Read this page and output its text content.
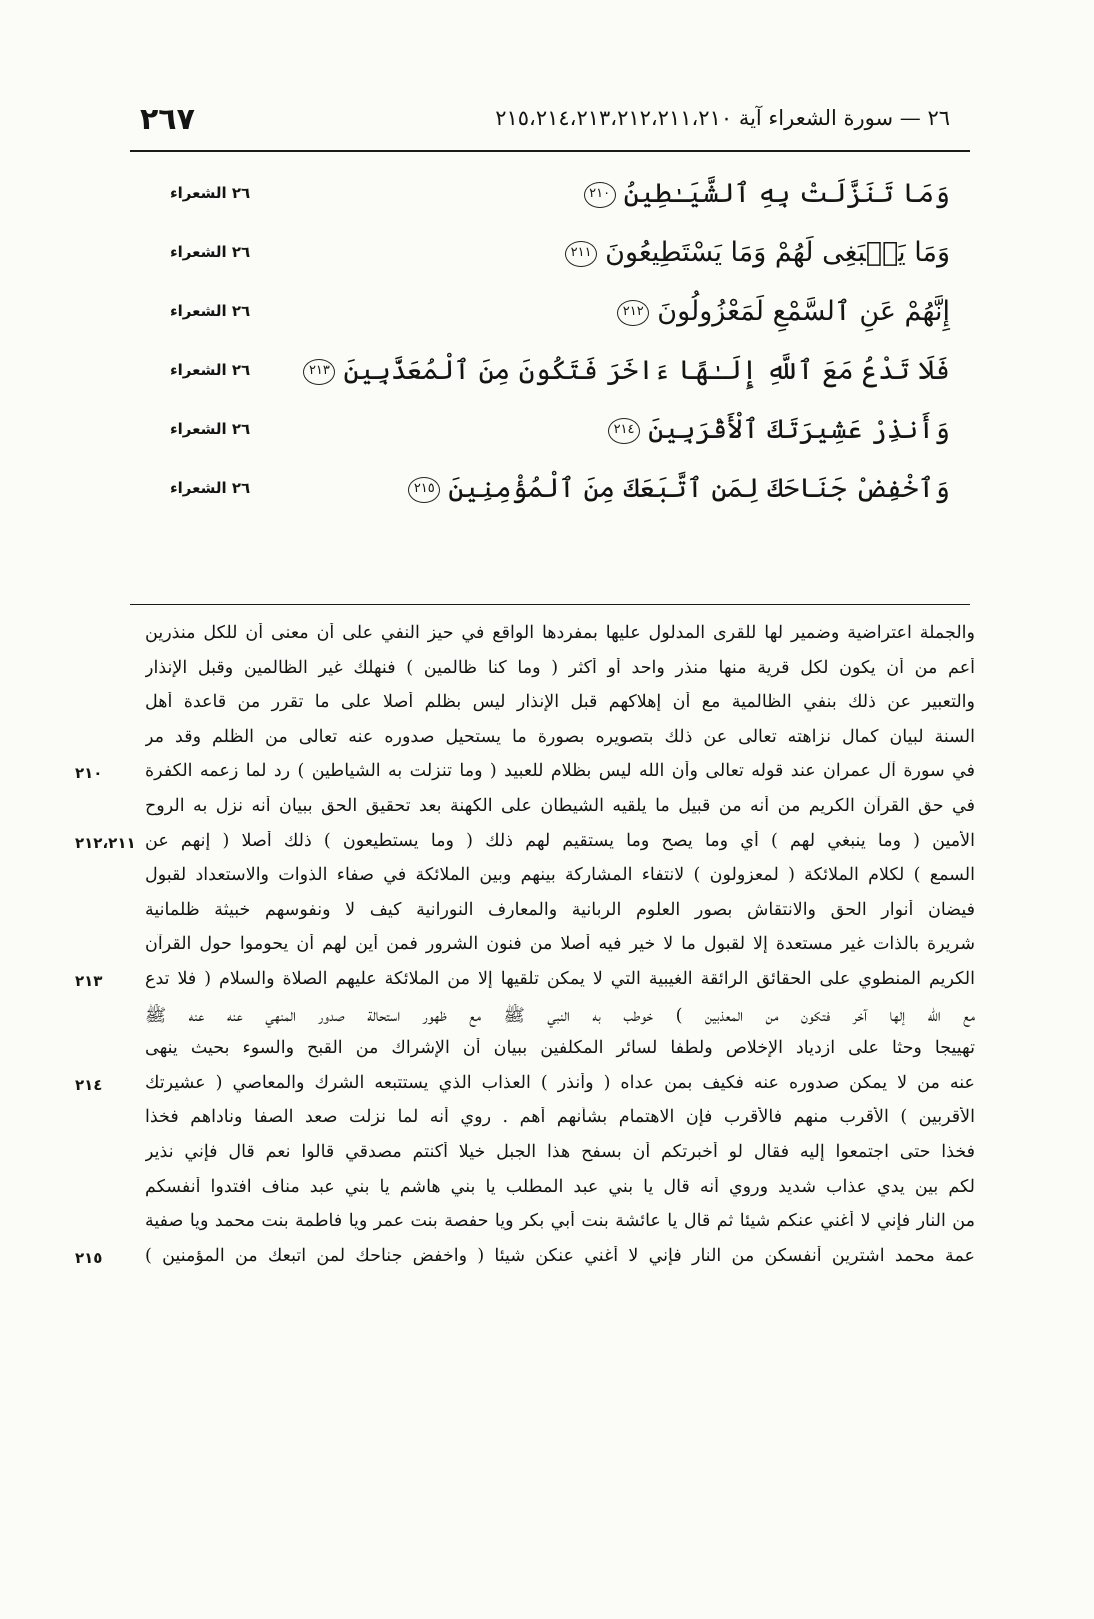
٢٦٧	٢٦ — سورة الشعراء آية ٢١٥،٢١٤،٢١٣،٢١٢،٢١١،٢١٠
وَمَا تَنَزَّلَتْ بِهِ ٱلشَّيَـٰطِينُ٢١٠
٢٦ الشعراء
وَمَا يَنۢبَغِى لَهُمْ وَمَا يَسْتَطِيعُونَ٢١١
٢٦ الشعراء
إِنَّهُمْ عَنِ ٱلسَّمْعِ لَمَعْزُولُونَ٢١٢
٢٦ الشعراء
فَلَا تَدْعُ مَعَ ٱللَّهِ إِلَـٰهًا ءَاخَرَ فَتَكُونَ مِنَ ٱلْمُعَذَّبِينَ٢١٣
٢٦ الشعراء
وَأَنذِرْ عَشِيرَتَكَ ٱلْأَقْرَبِينَ٢١٤
٢٦ الشعراء
وَٱخْفِضْ جَنَاحَكَ لِمَنِ ٱتَّبَعَكَ مِنَ ٱلْمُؤْمِنِينَ٢١٥
٢٦ الشعراء
والجملة اعتراضية وضمير لها للقرى المدلول عليها بمفردها الواقع في حيز النفي على أن معنى أن للكل منذرين
أعم من أن يكون لكل قرية منها منذر واحد أو أكثر ( وما كنا ظالمين ) فنهلك غير الظالمين وقبل الإنذار
والتعبير عن ذلك بنفي الظالمية مع أن إهلاكهم قبل الإنذار ليس بظلم أصلا على ما تقرر من قاعدة أهل
السنة لبيان كمال نزاهته تعالى عن ذلك بتصويره بصورة ما يستحيل صدوره عنه تعالى من الظلم وقد مر
في سورة آل عمران عند قوله تعالى وأن الله ليس بظلام للعبيد ( وما تنزلت به الشياطين ) رد لما زعمه الكفرة
٢١٠
في حق القرآن الكريم من أنه من قبيل ما يلقيه الشيطان على الكهنة بعد تحقيق الحق ببيان أنه نزل به الروح
الأمين ( وما ينبغي لهم ) أي وما يصح وما يستقيم لهم ذلك ( وما يستطيعون ) ذلك أصلا ( إنهم عن
٢١٢،٢١١
السمع ) لكلام الملائكة ( لمعزولون ) لانتفاء المشاركة بينهم وبين الملائكة في صفاء الذوات والاستعداد لقبول
فيضان أنوار الحق والانتقاش بصور العلوم الربانية والمعارف النورانية كيف لا ونفوسهم خبيثة ظلمانية
شريرة بالذات غير مستعدة إلا لقبول ما لا خير فيه أصلا من فنون الشرور فمن أين لهم أن يحوموا حول القرآن
الكريم المنطوي على الحقائق الرائقة الغيبية التي لا يمكن تلقيها إلا من الملائكة عليهم الصلاة والسلام ( فلا تدع
٢١٣
مع الله إلها آخر فتكون من المعذبين ) خوطب به النبي ﷺ مع ظهور استحالة صدور المنهي عنه عنه ﷺ
تهييجا وحثا على ازدياد الإخلاص ولطفا لسائر المكلفين ببيان أن الإشراك من القبح والسوء بحيث ينهى
عنه من لا يمكن صدوره عنه فكيف بمن عداه ( وأنذر ) العذاب الذي يستتبعه الشرك والمعاصي ( عشيرتك
٢١٤
الأقربين ) الأقرب منهم فالأقرب فإن الاهتمام بشأنهم أهم . روي أنه لما نزلت صعد الصفا وناداهم فخذا
فخذا حتى اجتمعوا إليه فقال لو أخبرتكم أن بسفح هذا الجبل خيلا أكنتم مصدقي قالوا نعم قال فإني نذير
لكم بين يدي عذاب شديد وروي أنه قال يا بني عبد المطلب يا بني هاشم يا بني عبد مناف افتدوا أنفسكم
من النار فإني لا أغني عنكم شيئا ثم قال يا عائشة بنت أبي بكر ويا حفصة بنت عمر ويا فاطمة بنت محمد ويا صفية
عمة محمد اشترين أنفسكن من النار فإني لا أغني عنكن شيئا ( واخفض جناحك لمن اتبعك من المؤمنين )
٢١٥
